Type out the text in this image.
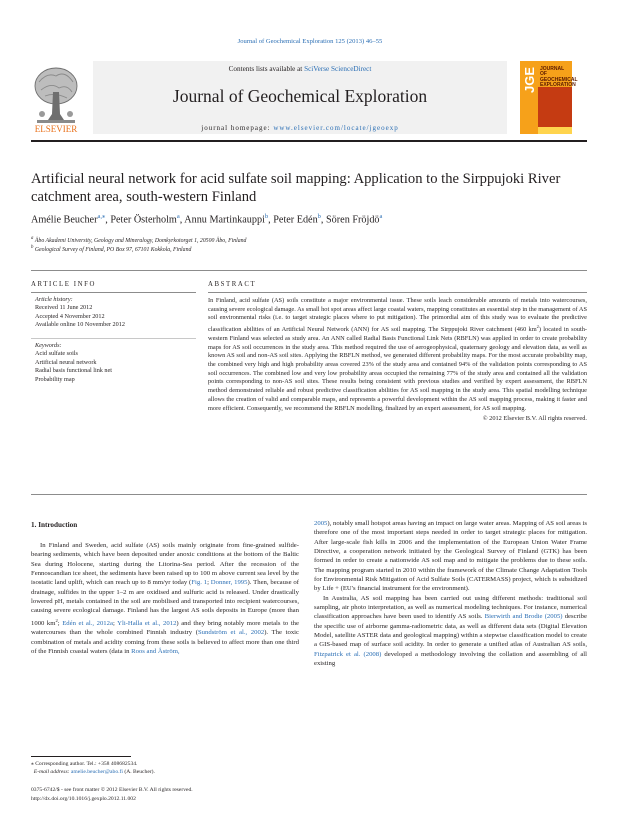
Journal of Geochemical Exploration 125 (2013) 46–55
ELSEVIER
Contents lists available at SciVerse ScienceDirect
Journal of Geochemical Exploration
journal homepage: www.elsevier.com/locate/jgeoexp
JGE JOURNAL OF GEOCHEMICAL EXPLORATION
Artificial neural network for acid sulfate soil mapping: Application to the Sirppujoki River catchment area, south-western Finland
Amélie Beucher$^{a,⁎}$, Peter Österholm$^a$, Annu Martinkauppi$^b$, Peter Edén$^b$, Sören Fröjdö$^a$
$^a$ Åbo Akademi University, Geology and Mineralogy, Domkyrkotorget 1, 20500 Åbo, Finland
$^b$ Geological Survey of Finland, PO Box 97, 67101 Kokkola, Finland
ARTICLE INFO	ABSTRACT
Article history:
Received 11 June 2012
Accepted 4 November 2012
Available online 10 November 2012
Keywords:
Acid sulfate soils
Artificial neural network
Radial basis functional link net
Probability map

In Finland, acid sulfate (AS) soils constitute a major environmental issue. These soils leach considerable amounts of metals into watercourses, causing severe ecological damage. As small hot spot areas affect large coastal waters, mapping constitutes an essential step in the management of AS soil environmental risks (i.e. to target strategic places where to put mitigation). The primordial aim of this study was to evaluate the predictive classification abilities of an Artificial Neural Network (ANN) for AS soil mapping. The Sirppujoki River catchment (460 $km^2$) located in south-western Finland was selected as study area. An ANN called Radial Basis Functional Link Nets (RBFLN) was applied in order to create probability maps for AS soil occurrences in the study area. This method required the use of aerogeophysical, quaternary geology and elevation data, as well as known AS soil and non-AS soil sites. Applying the RBFLN method, we generated different probability maps. For the most accurate probability map, the combined very high and high probability areas covered 23% of the study area and contained 94% of the validation points corresponding to AS soil occurrences. The combined low and very low probability areas occupied the remaining 77% of the study area and contained all the validation points corresponding to non-AS soil sites. These results being consistent with previous studies and verified by expert assessment, the RBFLN method demonstrated reliable and robust predictive classification abilities for AS soil mapping in the study area. This spatial modelling technique allows the creation of valid and comparable maps, and represents a powerful development within the AS soil mapping process, making it faster and more efficient. Consequently, we recommend the RBFLN modelling, finalized by an expert assessment, for AS soil mapping.

© 2012 Elsevier B.V. All rights reserved.

1. Introduction

In Finland and Sweden, acid sulfate (AS) soils mainly originate from fine-grained sulfide-bearing sediments, which have been deposited under anoxic conditions at the bottom of the Baltic Sea during Holocene, starting during the Litorina-Sea period. After the recession of the Fennoscandian ice sheet, the sediments have been raised up to 100 m above current sea level by the isostatic land uplift, which can reach up to 8 mm/yr today (Fig. 1; Donner, 1995). Then, because of drainage, sulfides in the upper 1–2 m are oxidised and sulfuric acid is released. Under drastically lowered pH, metals contained in the soil are mobilised and transported into recipient watercourses, causing severe ecological damage. Finland has the largest AS soils deposits in Europe (more than 1000 $km^2$; Edén et al., 2012a; Yli-Halla et al., 2012) and they bring notably more metals to the watercourses than the whole combined Finnish industry (Sundström et al., 2002). The toxic combination of metals and acidity coming from these soils is believed to affect more than one third of the Finnish coastal waters (data in Roos and Åström,

2005), notably small hotspot areas having an impact on large water areas. Mapping of AS soil areas is therefore one of the most important steps needed in order to target strategic places for mitigation. After large-scale fish kills in 2006 and the implementation of the European Union Water Frame Directive, a cooperation network initiated by the Geological Survey of Finland (GTK) has been formed in order to create a nationwide AS soil map and to mitigate the problems due to these soils. The mapping program started in 2010 within the framework of the Climate Change Adaptation Tools for Environmental Risk Mitigation of Acid Sulfate Soils (CATERMASS) project, which is subsidized by Life + (EU's financial instrument for the environment).

In Australia, AS soil mapping has been carried out using different methods: traditional soil sampling, air photo interpretation, as well as numerical modeling techniques. For instance, numerical classification approaches have been used to identify AS soils. Bierwirth and Brodie (2005) describe the specific use of airborne gamma-radiometric data, as well as different data sets (Digital Elevation Model, satellite ASTER data and geological mapping) within a stepwise classification model to create a GIS-based map of surface soil acidity. In order to generate a unified atlas of Australian AS soils, Fitzpatrick et al. (2008) developed a methodology involving the collation and assembling of all existing

⁎ Corresponding author. Tel.: +358 408682534.
E-mail address: amelie.beucher@abo.fi (A. Beucher).
0375-6742/$ - see front matter © 2012 Elsevier B.V. All rights reserved.
http://dx.doi.org/10.1016/j.gexplo.2012.11.002
